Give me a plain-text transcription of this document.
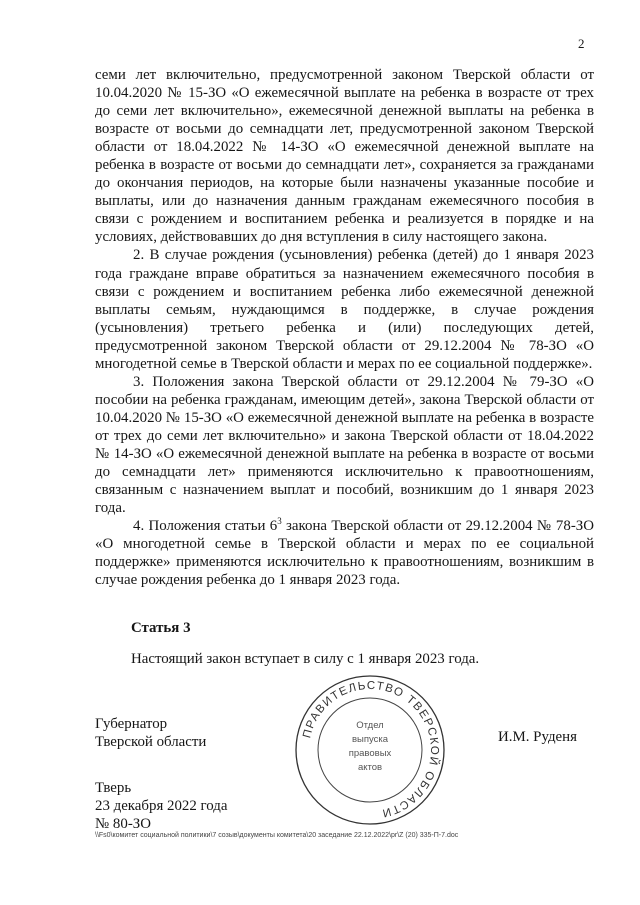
2

семи лет включительно, предусмотренной законом Тверской области от 10.04.2020 № 15-ЗО «О ежемесячной выплате на ребенка в возрасте от трех до семи лет включительно», ежемесячной денежной выплаты на ребенка в возрасте от восьми до семнадцати лет, предусмотренной законом Тверской области от 18.04.2022 № 14-ЗО «О ежемесячной денежной выплате на ребенка в возрасте от восьми до семнадцати лет», сохраняется за гражданами до окончания периодов, на которые были назначены указанные пособие и выплаты, или до назначения данным гражданам ежемесячного пособия в связи с рождением и воспитанием ребенка и реализуется в порядке и на условиях, действовавших до дня вступления в силу настоящего закона.

2. В случае рождения (усыновления) ребенка (детей) до 1 января 2023 года граждане вправе обратиться за назначением ежемесячного пособия в связи с рождением и воспитанием ребенка либо ежемесячной денежной выплаты семьям, нуждающимся в поддержке, в случае рождения (усыновления) третьего ребенка и (или) последующих детей, предусмотренной законом Тверской области от 29.12.2004 № 78-ЗО «О многодетной семье в Тверской области и мерах по ее социальной поддержке».

3. Положения закона Тверской области от 29.12.2004 № 79-ЗО «О пособии на ребенка гражданам, имеющим детей», закона Тверской области от 10.04.2020 № 15-ЗО «О ежемесячной денежной выплате на ребенка в возрасте от трех до семи лет включительно» и закона Тверской области от 18.04.2022 № 14-ЗО «О ежемесячной денежной выплате на ребенка в возрасте от восьми до семнадцати лет» применяются исключительно к правоотношениям, связанным с назначением выплат и пособий, возникшим до 1 января 2023 года.

4. Положения статьи $6^3$ закона Тверской области от 29.12.2004 № 78-ЗО «О многодетной семье в Тверской области и мерах по ее социальной поддержке» применяются исключительно к правоотношениям, возникшим в случае рождения ребенка до 1 января 2023 года.

Статья 3
Настоящий закон вступает в силу с 1 января 2023 года.
Губернатор
Тверской области	И.М. Руденя
Тверь
23 декабря 2022 года
№ 80-ЗО
ПРАВИТЕЛЬСТВО ТВЕРСКОЙ ОБЛАСТИ
Отдел
выпуска
правовых
актов
\\Fs0\комитет социальной политики\7 созыв\документы комитета\20 заседание 22.12.2022\pr\Z (20) 335-П-7.doc
